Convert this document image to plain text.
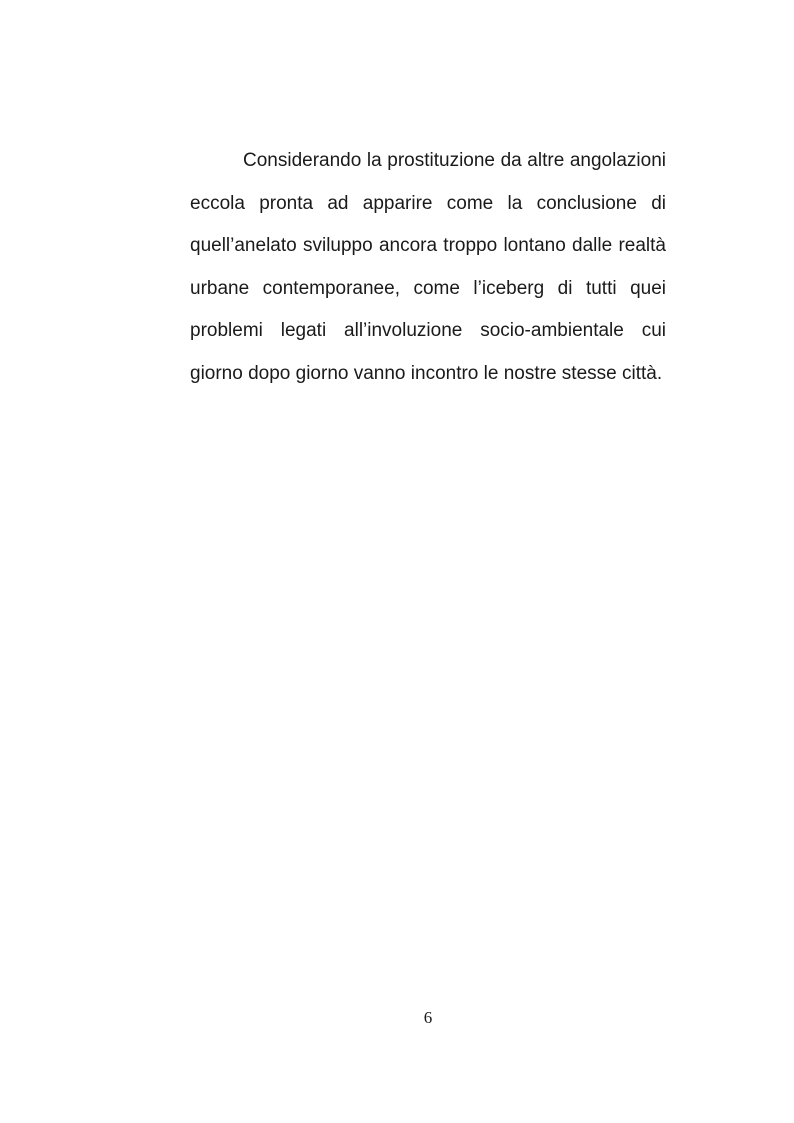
Considerando la prostituzione da altre angolazioni eccola pronta ad apparire come la conclusione di quell’anelato sviluppo ancora troppo lontano dalle realtà urbane contemporanee, come l’iceberg di tutti quei problemi legati all’involuzione socio-ambientale cui giorno dopo giorno vanno incontro le nostre stesse città.

6
